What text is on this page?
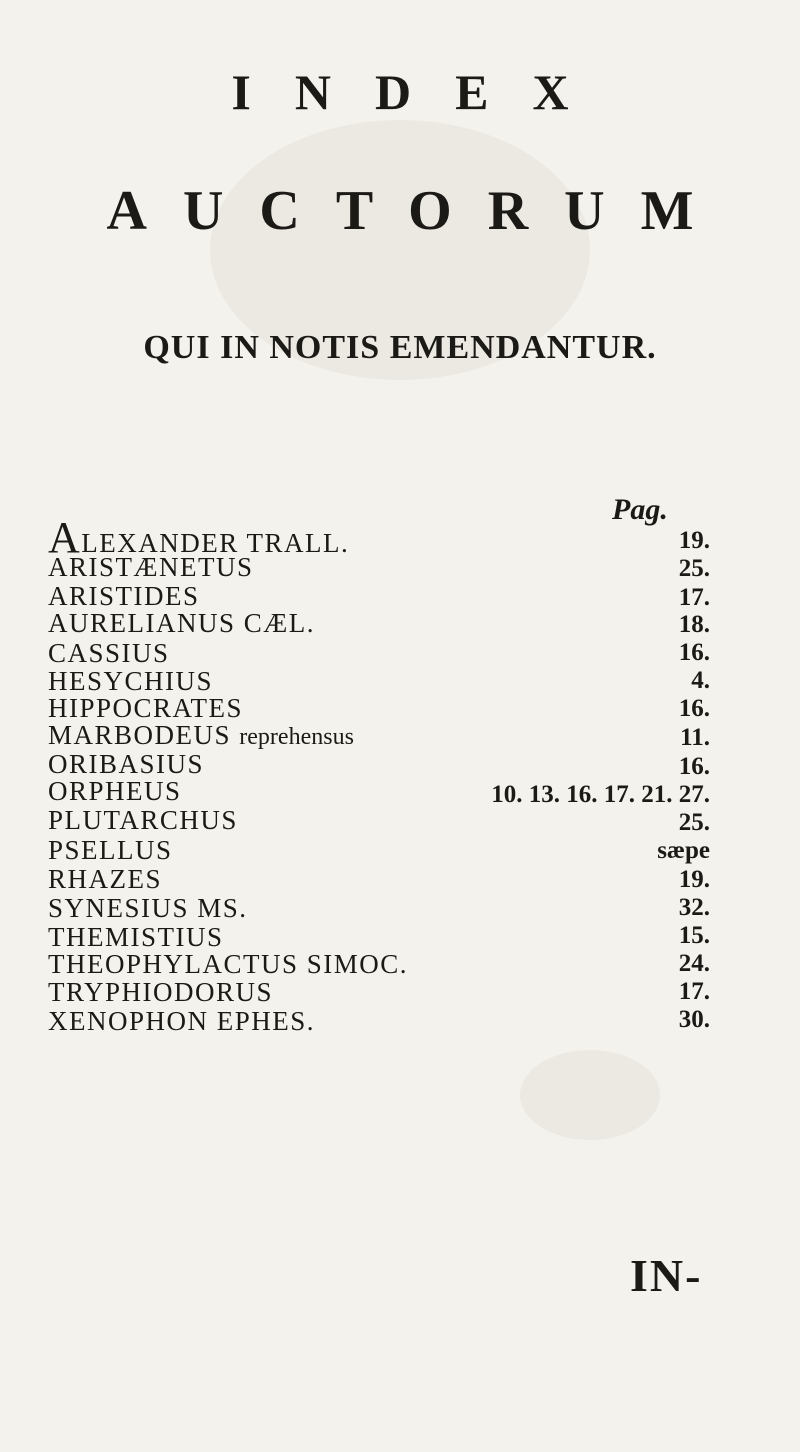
INDEX
AUCTORUM
QUI IN NOTIS EMENDANTUR.
Pag.
ALEXANDER TRALL.	19.
ARISTÆNETUS	25.
ARISTIDES	17.
AURELIANUS CÆL.	18.
CASSIUS	16.
HESYCHIUS	4.
HIPPOCRATES	16.
MARBODEUS reprehensus	11.
ORIBASIUS	16.
ORPHEUS	10. 13. 16. 17. 21. 27.
PLUTARCHUS	25.
PSELLUS	sæpe
RHAZES	19.
SYNESIUS MS.	32.
THEMISTIUS	15.
THEOPHYLACTUS SIMOC.	24.
TRYPHIODORUS	17.
XENOPHON EPHES.	30.
IN-
